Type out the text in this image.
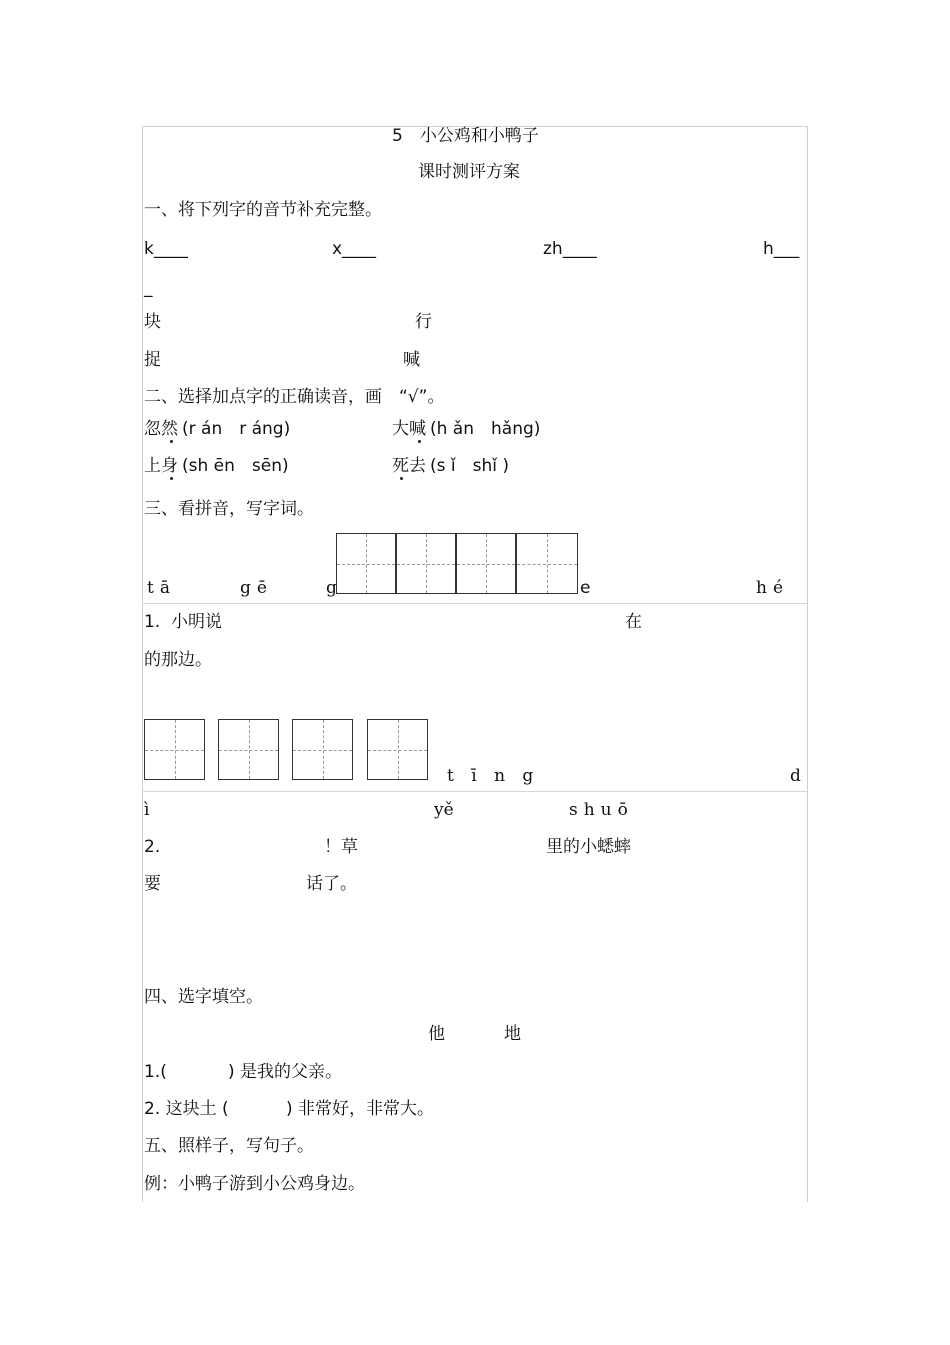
5　小公鸡和小鸭子
课时测评方案
一、将下列字的音节补充完整。
k____	x____	zh____	h___
_
块	行
捉	喊
二、选择加点字的正确读音，画　“√”。
忽然 (r án　r áng)	大喊 (h ǎn　hǎng)
上身 (sh ēn　sēn)	死去 (s ǐ　shǐ )
三、看拼音，写字词。
tā	gē	g	e	hé
1.  小明说	在
的那边。
t ī n g	d
ì	yě	shuō
2.	！草	里的小蟋蟀
要	话了。
四、选字填空。
他	地
1.(	) 是我的父亲。
2. 这块土 (	) 非常好，非常大。
五、照样子，写句子。
例：小鸭子游到小公鸡身边。
